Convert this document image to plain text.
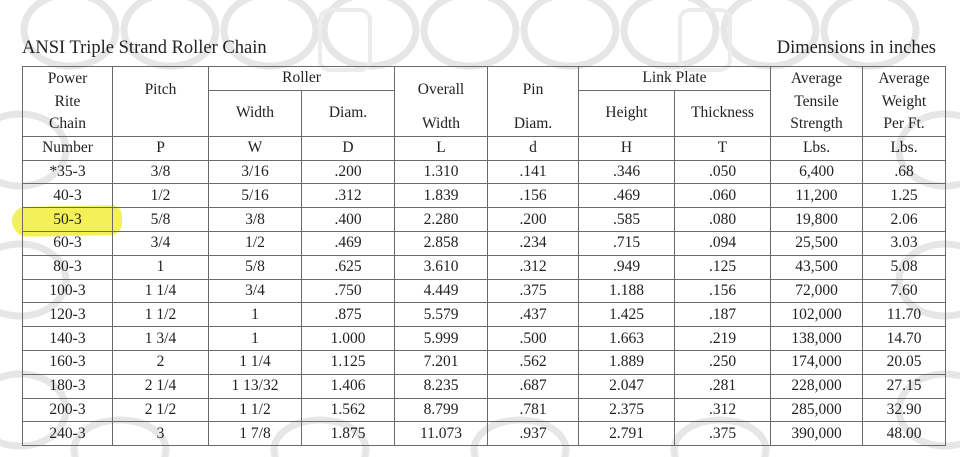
ANSI Triple Strand Roller Chain	Dimensions in inches
Power	Pitch	Roller		Overall	Pin	Link Plate		Average	Average
Rite		Width	Diam.			Height	Thickness	Tensile	Weight
Chain				Width	Diam.			Strength	Per Ft.
Number	P	W	D	L	d	H	T	Lbs.	Lbs.
*35-3	3/8	3/16	.200	1.310	.141	.346	.050	6,400	.68
40-3	1/2	5/16	.312	1.839	.156	.469	.060	11,200	1.25
50-3	5/8	3/8	.400	2.280	.200	.585	.080	19,800	2.06
60-3	3/4	1/2	.469	2.858	.234	.715	.094	25,500	3.03
80-3	1	5/8	.625	3.610	.312	.949	.125	43,500	5.08
100-3	1 1/4	3/4	.750	4.449	.375	1.188	.156	72,000	7.60
120-3	1 1/2	1	.875	5.579	.437	1.425	.187	102,000	11.70
140-3	1 3/4	1	1.000	5.999	.500	1.663	.219	138,000	14.70
160-3	2	1 1/4	1.125	7.201	.562	1.889	.250	174,000	20.05
180-3	2 1/4	1 13/32	1.406	8.235	.687	2.047	.281	228,000	27.15
200-3	2 1/2	1 1/2	1.562	8.799	.781	2.375	.312	285,000	32.90
240-3	3	1 7/8	1.875	11.073	.937	2.791	.375	390,000	48.00
